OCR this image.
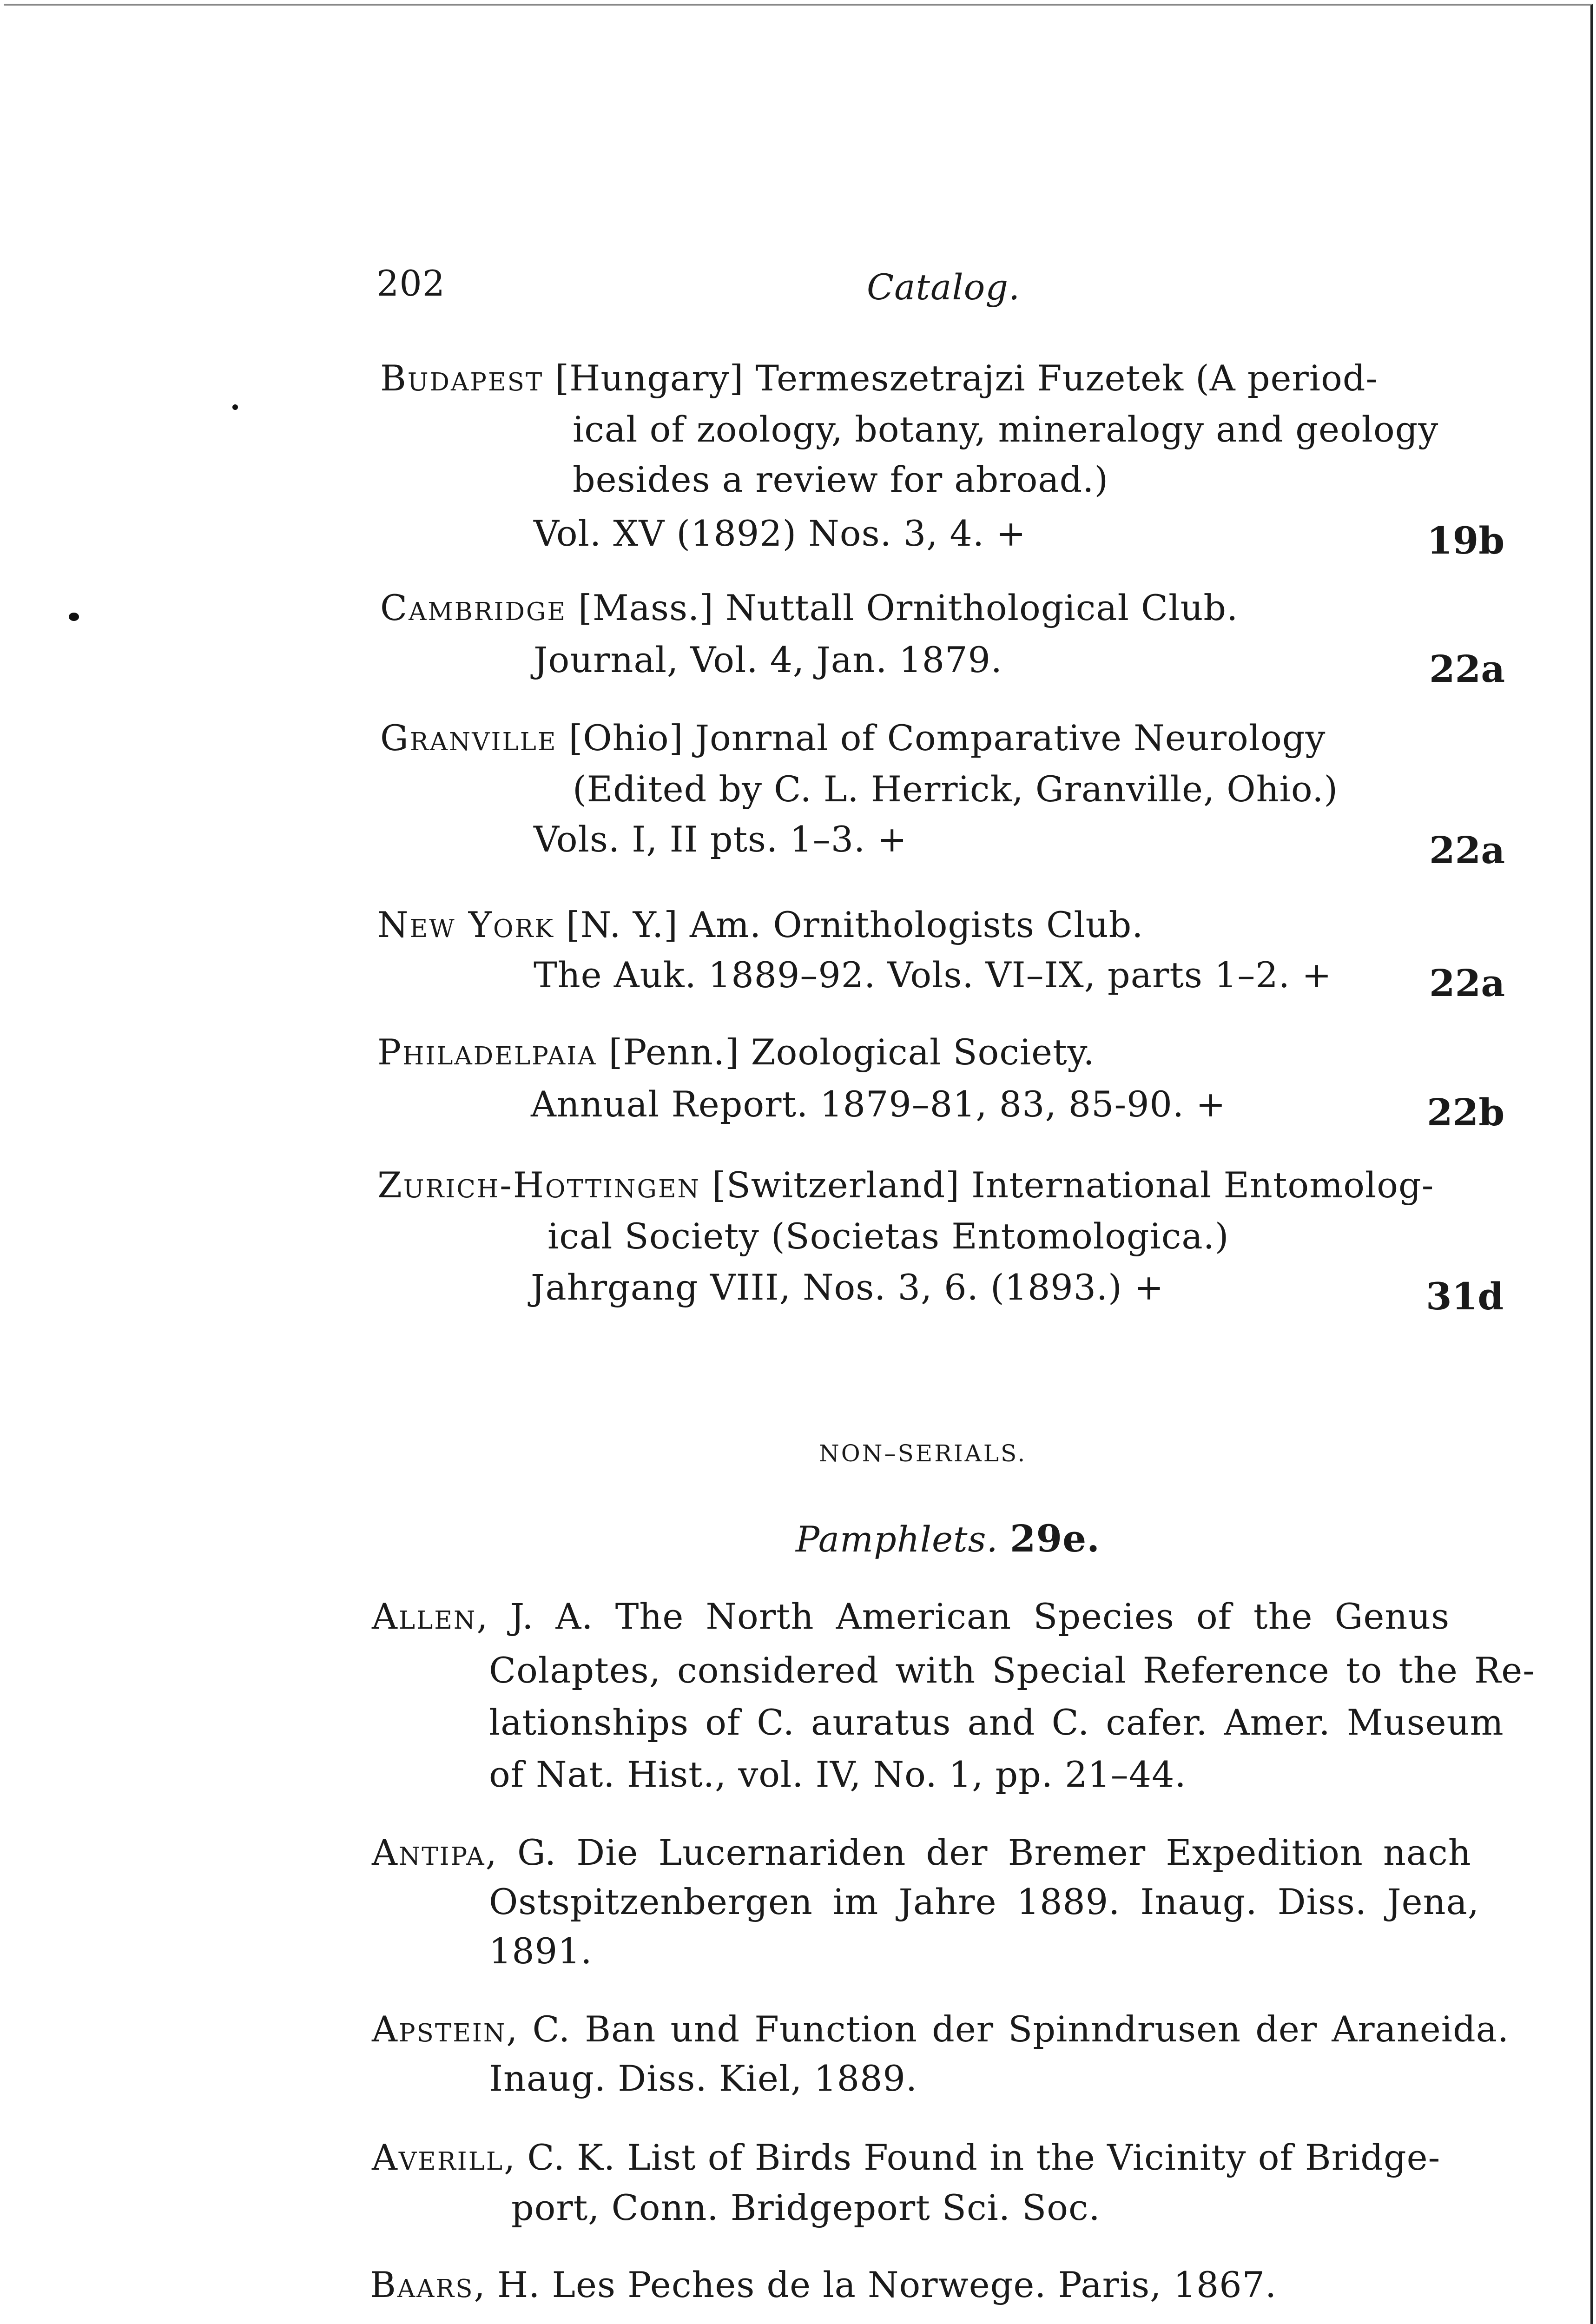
202	Catalog.
Budapest [Hungary] Termeszetrajzi Fuzetek (A period-
ical of zoology, botany, mineralogy and geology
besides a review for abroad.)
Vol. XV (1892) Nos. 3, 4. +	19b
Cambridge [Mass.] Nuttall Ornithological Club.
Journal, Vol. 4, Jan. 1879.	22a
Granville [Ohio] Jonrnal of Comparative Neurology
(Edited by C. L. Herrick, Granville, Ohio.)
Vols. I, II pts. 1–3. +	22a
New York [N. Y.] Am. Ornithologists Club.
The Auk. 1889–92. Vols. VI–IX, parts 1–2. +	22a
Philadelpaia [Penn.] Zoological Society.
Annual Report. 1879–81, 83, 85-90. +	22b
Zurich-Hottingen [Switzerland] International Entomolog-
ical Society (Societas Entomologica.)
Jahrgang VIII, Nos. 3, 6. (1893.) +	31d
NON–SERIALS.
Pamphlets. 29e.
Allen, J. A. The North American Species of the Genus
Colaptes, considered with Special Reference to the Re-
lationships of C. auratus and C. cafer. Amer. Museum
of Nat. Hist., vol. IV, No. 1, pp. 21–44.
Antipa, G. Die Lucernariden der Bremer Expedition nach
Ostspitzenbergen im Jahre 1889. Inaug. Diss. Jena,
1891.
Apstein, C. Ban und Function der Spinndrusen der Araneida.
Inaug. Diss. Kiel, 1889.
Averill, C. K. List of Birds Found in the Vicinity of Bridge-
port, Conn. Bridgeport Sci. Soc.
Baars, H. Les Peches de la Norwege. Paris, 1867.
